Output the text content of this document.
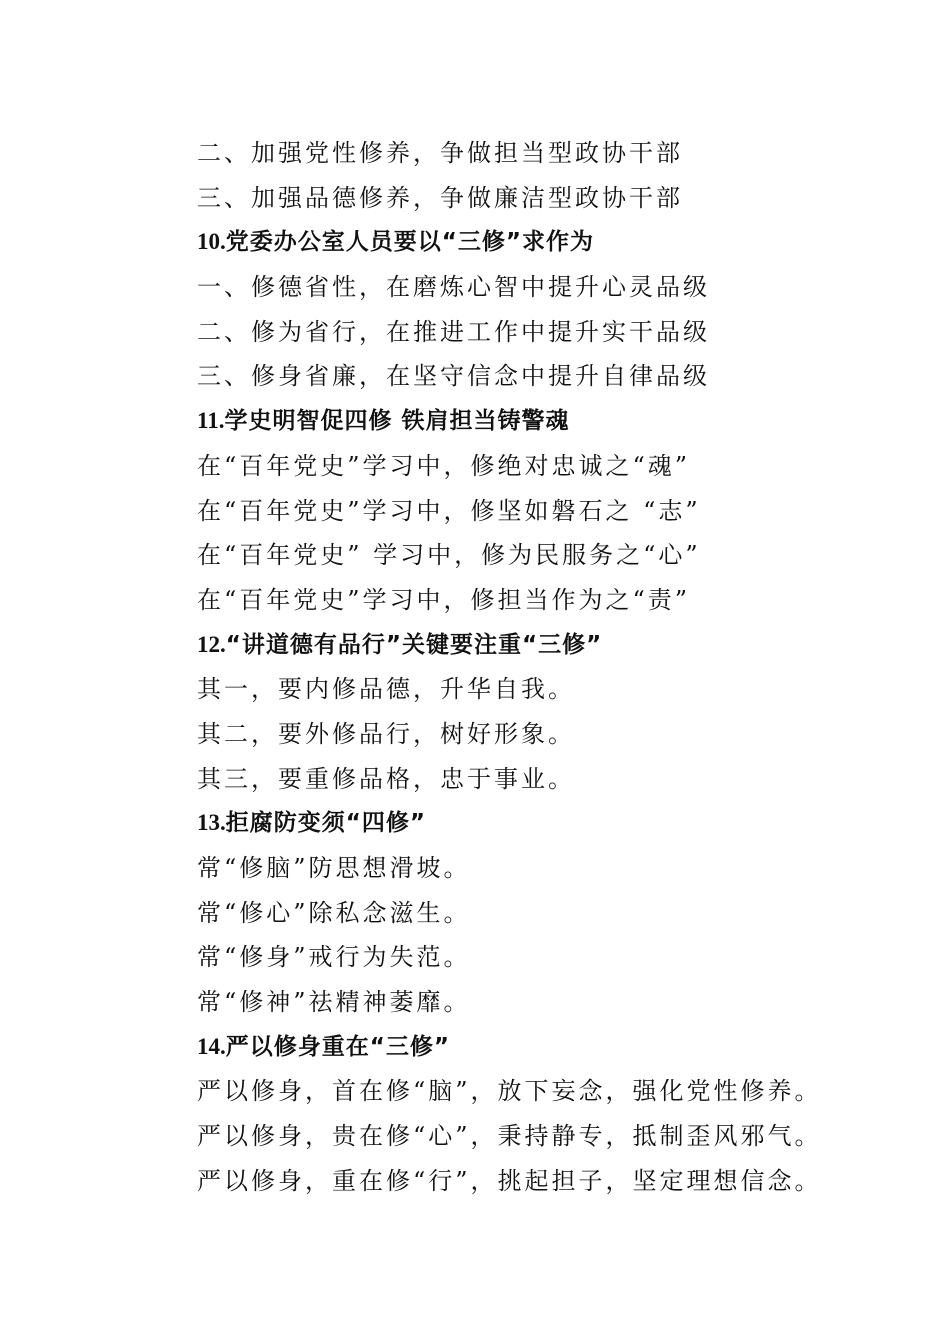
二、加强党性修养，争做担当型政协干部
三、加强品德修养，争做廉洁型政协干部
10.党委办公室人员要以“三修”求作为
一、修德省性，在磨炼心智中提升心灵品级
二、修为省行，在推进工作中提升实干品级
三、修身省廉，在坚守信念中提升自律品级
11.学史明智促四修 铁肩担当铸警魂
在“百年党史”学习中，修绝对忠诚之“魂”
在“百年党史”学习中，修坚如磐石之 “志”
在“百年党史” 学习中，修为民服务之“心”
在“百年党史”学习中，修担当作为之“责”
12.“讲道德有品行”关键要注重“三修”
其一，要内修品德，升华自我。
其二，要外修品行，树好形象。
其三，要重修品格，忠于事业。
13.拒腐防变须“四修”
常“修脑”防思想滑坡。
常“修心”除私念滋生。
常“修身”戒行为失范。
常“修神”祛精神萎靡。
14.严以修身重在“三修”
严以修身，首在修“脑”，放下妄念，强化党性修养。
严以修身，贵在修“心”，秉持静专，抵制歪风邪气。
严以修身，重在修“行”，挑起担子，坚定理想信念。
